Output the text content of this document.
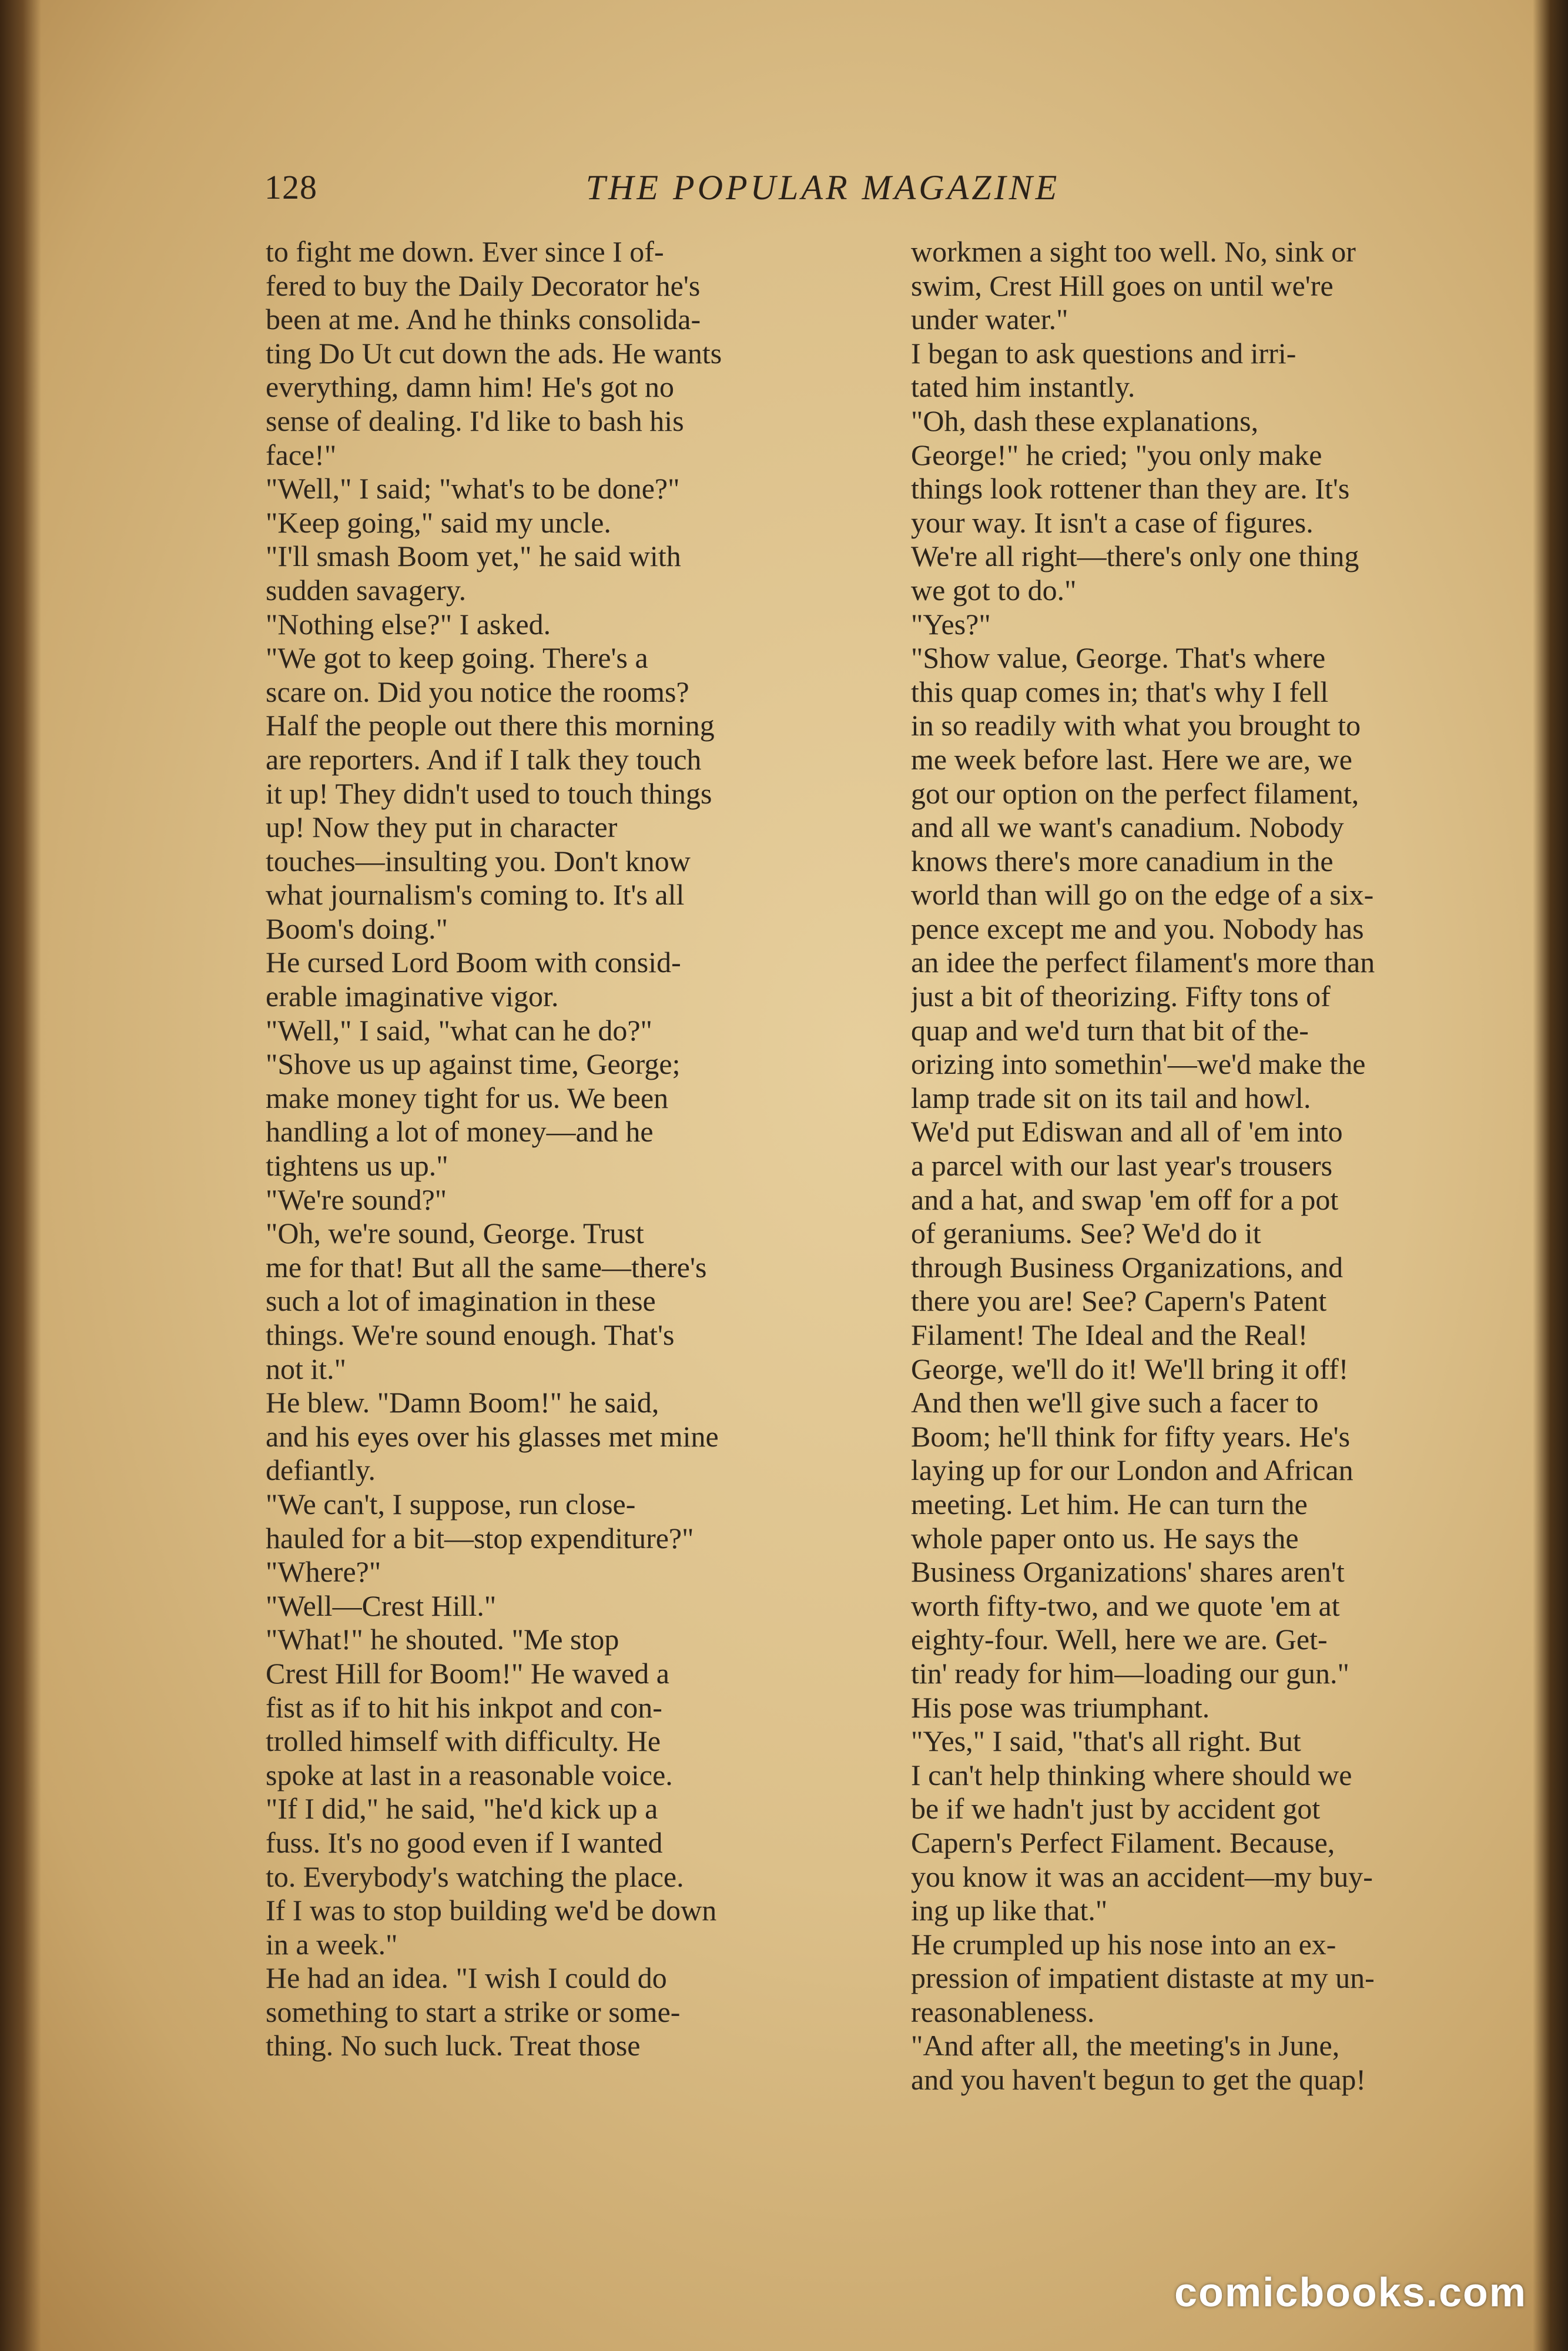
128	THE POPULAR MAGAZINE
to fight me down. Ever since I of-
fered to buy the Daily Decorator he's
been at me. And he thinks consolida-
ting Do Ut cut down the ads. He wants
everything, damn him! He's got no
sense of dealing. I'd like to bash his
face!"
"Well," I said; "what's to be done?"
"Keep going," said my uncle.
"I'll smash Boom yet," he said with
sudden savagery.
"Nothing else?" I asked.
"We got to keep going. There's a
scare on. Did you notice the rooms?
Half the people out there this morning
are reporters. And if I talk they touch
it up! They didn't used to touch things
up! Now they put in character
touches—insulting you. Don't know
what journalism's coming to. It's all
Boom's doing."
He cursed Lord Boom with consid-
erable imaginative vigor.
"Well," I said, "what can he do?"
"Shove us up against time, George;
make money tight for us. We been
handling a lot of money—and he
tightens us up."
"We're sound?"
"Oh, we're sound, George. Trust
me for that! But all the same—there's
such a lot of imagination in these
things. We're sound enough. That's
not it."
He blew. "Damn Boom!" he said,
and his eyes over his glasses met mine
defiantly.
"We can't, I suppose, run close-
hauled for a bit—stop expenditure?"
"Where?"
"Well—Crest Hill."
"What!" he shouted. "Me stop
Crest Hill for Boom!" He waved a
fist as if to hit his inkpot and con-
trolled himself with difficulty. He
spoke at last in a reasonable voice.
"If I did," he said, "he'd kick up a
fuss. It's no good even if I wanted
to. Everybody's watching the place.
If I was to stop building we'd be down
in a week."
He had an idea. "I wish I could do
something to start a strike or some-
thing. No such luck. Treat those
workmen a sight too well. No, sink or
swim, Crest Hill goes on until we're
under water."
I began to ask questions and irri-
tated him instantly.
"Oh, dash these explanations,
George!" he cried; "you only make
things look rottener than they are. It's
your way. It isn't a case of figures.
We're all right—there's only one thing
we got to do."
"Yes?"
"Show value, George. That's where
this quap comes in; that's why I fell
in so readily with what you brought to
me week before last. Here we are, we
got our option on the perfect filament,
and all we want's canadium. Nobody
knows there's more canadium in the
world than will go on the edge of a six-
pence except me and you. Nobody has
an idee the perfect filament's more than
just a bit of theorizing. Fifty tons of
quap and we'd turn that bit of the-
orizing into somethin'—we'd make the
lamp trade sit on its tail and howl.
We'd put Ediswan and all of 'em into
a parcel with our last year's trousers
and a hat, and swap 'em off for a pot
of geraniums. See? We'd do it
through Business Organizations, and
there you are! See? Capern's Patent
Filament! The Ideal and the Real!
George, we'll do it! We'll bring it off!
And then we'll give such a facer to
Boom; he'll think for fifty years. He's
laying up for our London and African
meeting. Let him. He can turn the
whole paper onto us. He says the
Business Organizations' shares aren't
worth fifty-two, and we quote 'em at
eighty-four. Well, here we are. Get-
tin' ready for him—loading our gun."
His pose was triumphant.
"Yes," I said, "that's all right. But
I can't help thinking where should we
be if we hadn't just by accident got
Capern's Perfect Filament. Because,
you know it was an accident—my buy-
ing up like that."
He crumpled up his nose into an ex-
pression of impatient distaste at my un-
reasonableness.
"And after all, the meeting's in June,
and you haven't begun to get the quap!
comicbooks.com
